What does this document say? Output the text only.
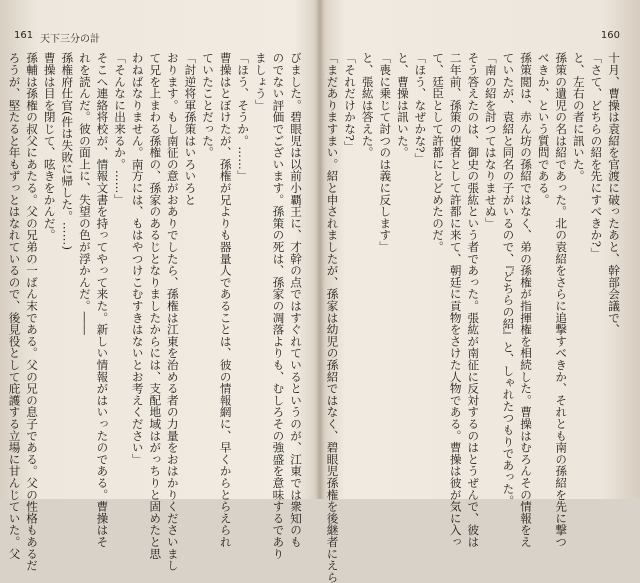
161 天下三分の計
びました。碧眼児は以前小覇王に、才幹の点ではすぐれているというのが、江東では衆知のも
のでない評価でございます。孫策の死は、孫家の凋落よりも、むしろその強盛を意味するであり
ましょう」
「ほう、そうか。……」
曹操はとぼけたが、孫権が兄よりも器量人であることは、彼の情報網に、早くからとらえられ
ていたことだった。
「討逆将軍孫策はいろいろと
おります。もし南征の意がおありでしたら、孫権は江東を治める者の力量をおはかりくださいまし
て兄を上まわる孫権の、孫家のあるじとなりましたからには、支配地域はがっちりと固めたと思
わねばなりません。南方には、もはやつけこむすきはないとお考えください」
「そんなに出来るか。……」
そこへ連絡将校が、情報文書を持ってやって来た。新しい情報がはいったのである。曹操はそ
れを読んだ。彼の面上に、失望の色が浮かんだ。――
孫権府仕官(件は失敗に帰した。……)
曹操は目を閉じて、呟きをかんだ。
孫輔は孫権の叔父にあたる。父の兄弟の一ばん末である。父の兄の息子である。父の性格もあるだ
ろうが、堅たると年もずっとはなれているので、後見役として庇護する立場に甘んじていた。父
160
十月、曹操は袁紹を官渡に破ったあと、幹部会議で、
「さて、どちらの紹を先にすべきか?」
と、左右の者に訊いた。
孫策の遺児の名は紹であった。北の袁紹をさらに追撃すべきか、それとも南の孫紹を先に撃つ
べきか、という質問である。
孫策閲は、赤ん坊の孫紹ではなく、弟の孫権が指揮権を相続した。曹操はむろんその情報をえ
ていたが、袁紹と同名の子がいるので、『どちらの紹』と、しゃれたつもりであった。
「南の紹を討つてはなりませぬ」
そう答えたのは、御史の張紘という者であった。張紘が南征に反対するのはとうぜんで、彼は
二年前、孫策の使者として許都に来て、朝廷に貢物をさけた人物である。曹操は彼が気に入っ
て、廷臣として許都にとどめたのだ。
「ほう、なぜかな?」
と、曹操は訊いた。
「喪に乗じて討つのは義に反します」
と、張紘は答えた。
「それだけかな?」
「まだありますまい。紹と申されましたが、孫家は幼児の孫紹ではなく、碧眼児孫権を後継者にえら
